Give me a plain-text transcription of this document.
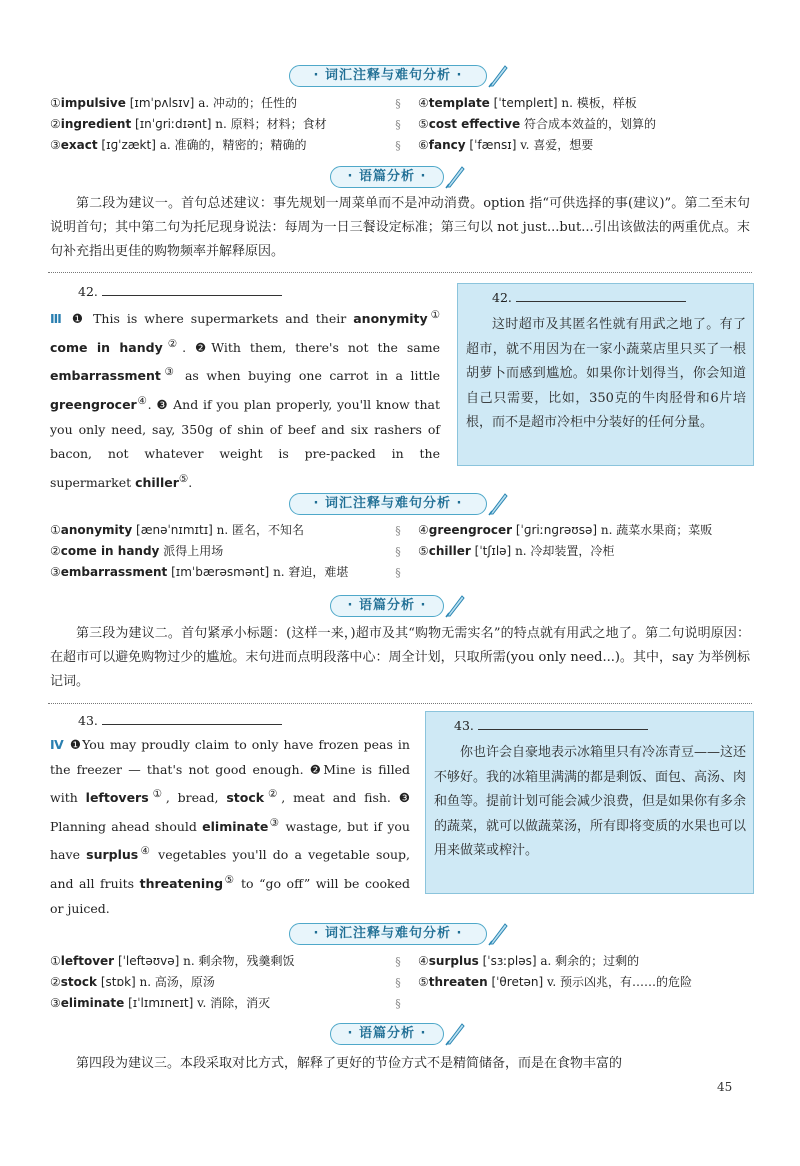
· 词汇注释与难句分析 ·
①impulsive [ɪmˈpʌlsɪv] a. 冲动的；任性的
②ingredient [ɪnˈɡriːdɪənt] n. 原料；材料；食材
③exact [ɪɡˈzækt] a. 准确的，精密的；精确的
§
§
§
④template [ˈtempleɪt] n. 模板，样板
⑤cost effective 符合成本效益的，划算的
⑥fancy [ˈfænsɪ] v. 喜爱，想要
· 语篇分析 ·
第二段为建议一。首句总述建议：事先规划一周菜单而不是冲动消费。option 指“可供选择的事(建议)”。第二至末句说明首句；其中第二句为托尼现身说法：每周为一日三餐设定标准；第三句以 not just...but...引出该做法的两重优点。末句补充指出更佳的购物频率并解释原因。
42.
Ⅲ ❶ This is where supermarkets and their anonymity① come in handy②. ❷With them, there's not the same embarrassment③ as when buying one carrot in a little greengrocer④. ❸ And if you plan properly, you'll know that you only need, say, 350g of shin of beef and six rashers of bacon, not whatever weight is pre-packed in the supermarket chiller⑤.
42.
这时超市及其匿名性就有用武之地了。有了超市，就不用因为在一家小蔬菜店里只买了一根胡萝卜而感到尴尬。如果你计划得当，你会知道自己只需要，比如，350克的牛肉胫骨和6片培根，而不是超市冷柜中分装好的任何分量。
· 词汇注释与难句分析 ·
①anonymity [ænəˈnɪmɪtɪ] n. 匿名，不知名
②come in handy 派得上用场
③embarrassment [ɪmˈbærəsmənt] n. 窘迫，难堪
§
§
§
④greengrocer [ˈɡriːnɡrəʊsə] n. 蔬菜水果商；菜贩
⑤chiller [ˈtʃɪlə] n. 冷却装置，冷柜
· 语篇分析 ·
第三段为建议二。首句紧承小标题：(这样一来，)超市及其“购物无需实名”的特点就有用武之地了。第二句说明原因：在超市可以避免购物过少的尴尬。末句进而点明段落中心：周全计划，只取所需(you only need...)。其中，say 为举例标记词。
43.
Ⅳ ❶You may proudly claim to only have frozen peas in the freezer — that's not good enough. ❷Mine is filled with leftovers①, bread, stock②, meat and fish. ❸ Planning ahead should eliminate③ wastage, but if you have surplus④ vegetables you'll do a vegetable soup, and all fruits threatening⑤ to “go off” will be cooked or juiced.
43.
你也许会自豪地表示冰箱里只有冷冻青豆——这还不够好。我的冰箱里满满的都是剩饭、面包、高汤、肉和鱼等。提前计划可能会减少浪费，但是如果你有多余的蔬菜，就可以做蔬菜汤，所有即将变质的水果也可以用来做菜或榨汁。
· 词汇注释与难句分析 ·
①leftover [ˈleftəʊvə] n. 剩余物，残羹剩饭
②stock [stɒk] n. 高汤，原汤
③eliminate [ɪˈlɪmɪneɪt] v. 消除，消灭
§
§
§
④surplus [ˈsɜːpləs] a. 剩余的；过剩的
⑤threaten [ˈθretən] v. 预示凶兆，有……的危险
· 语篇分析 ·
第四段为建议三。本段采取对比方式，解释了更好的节俭方式不是精简储备，而是在食物丰富的
45
